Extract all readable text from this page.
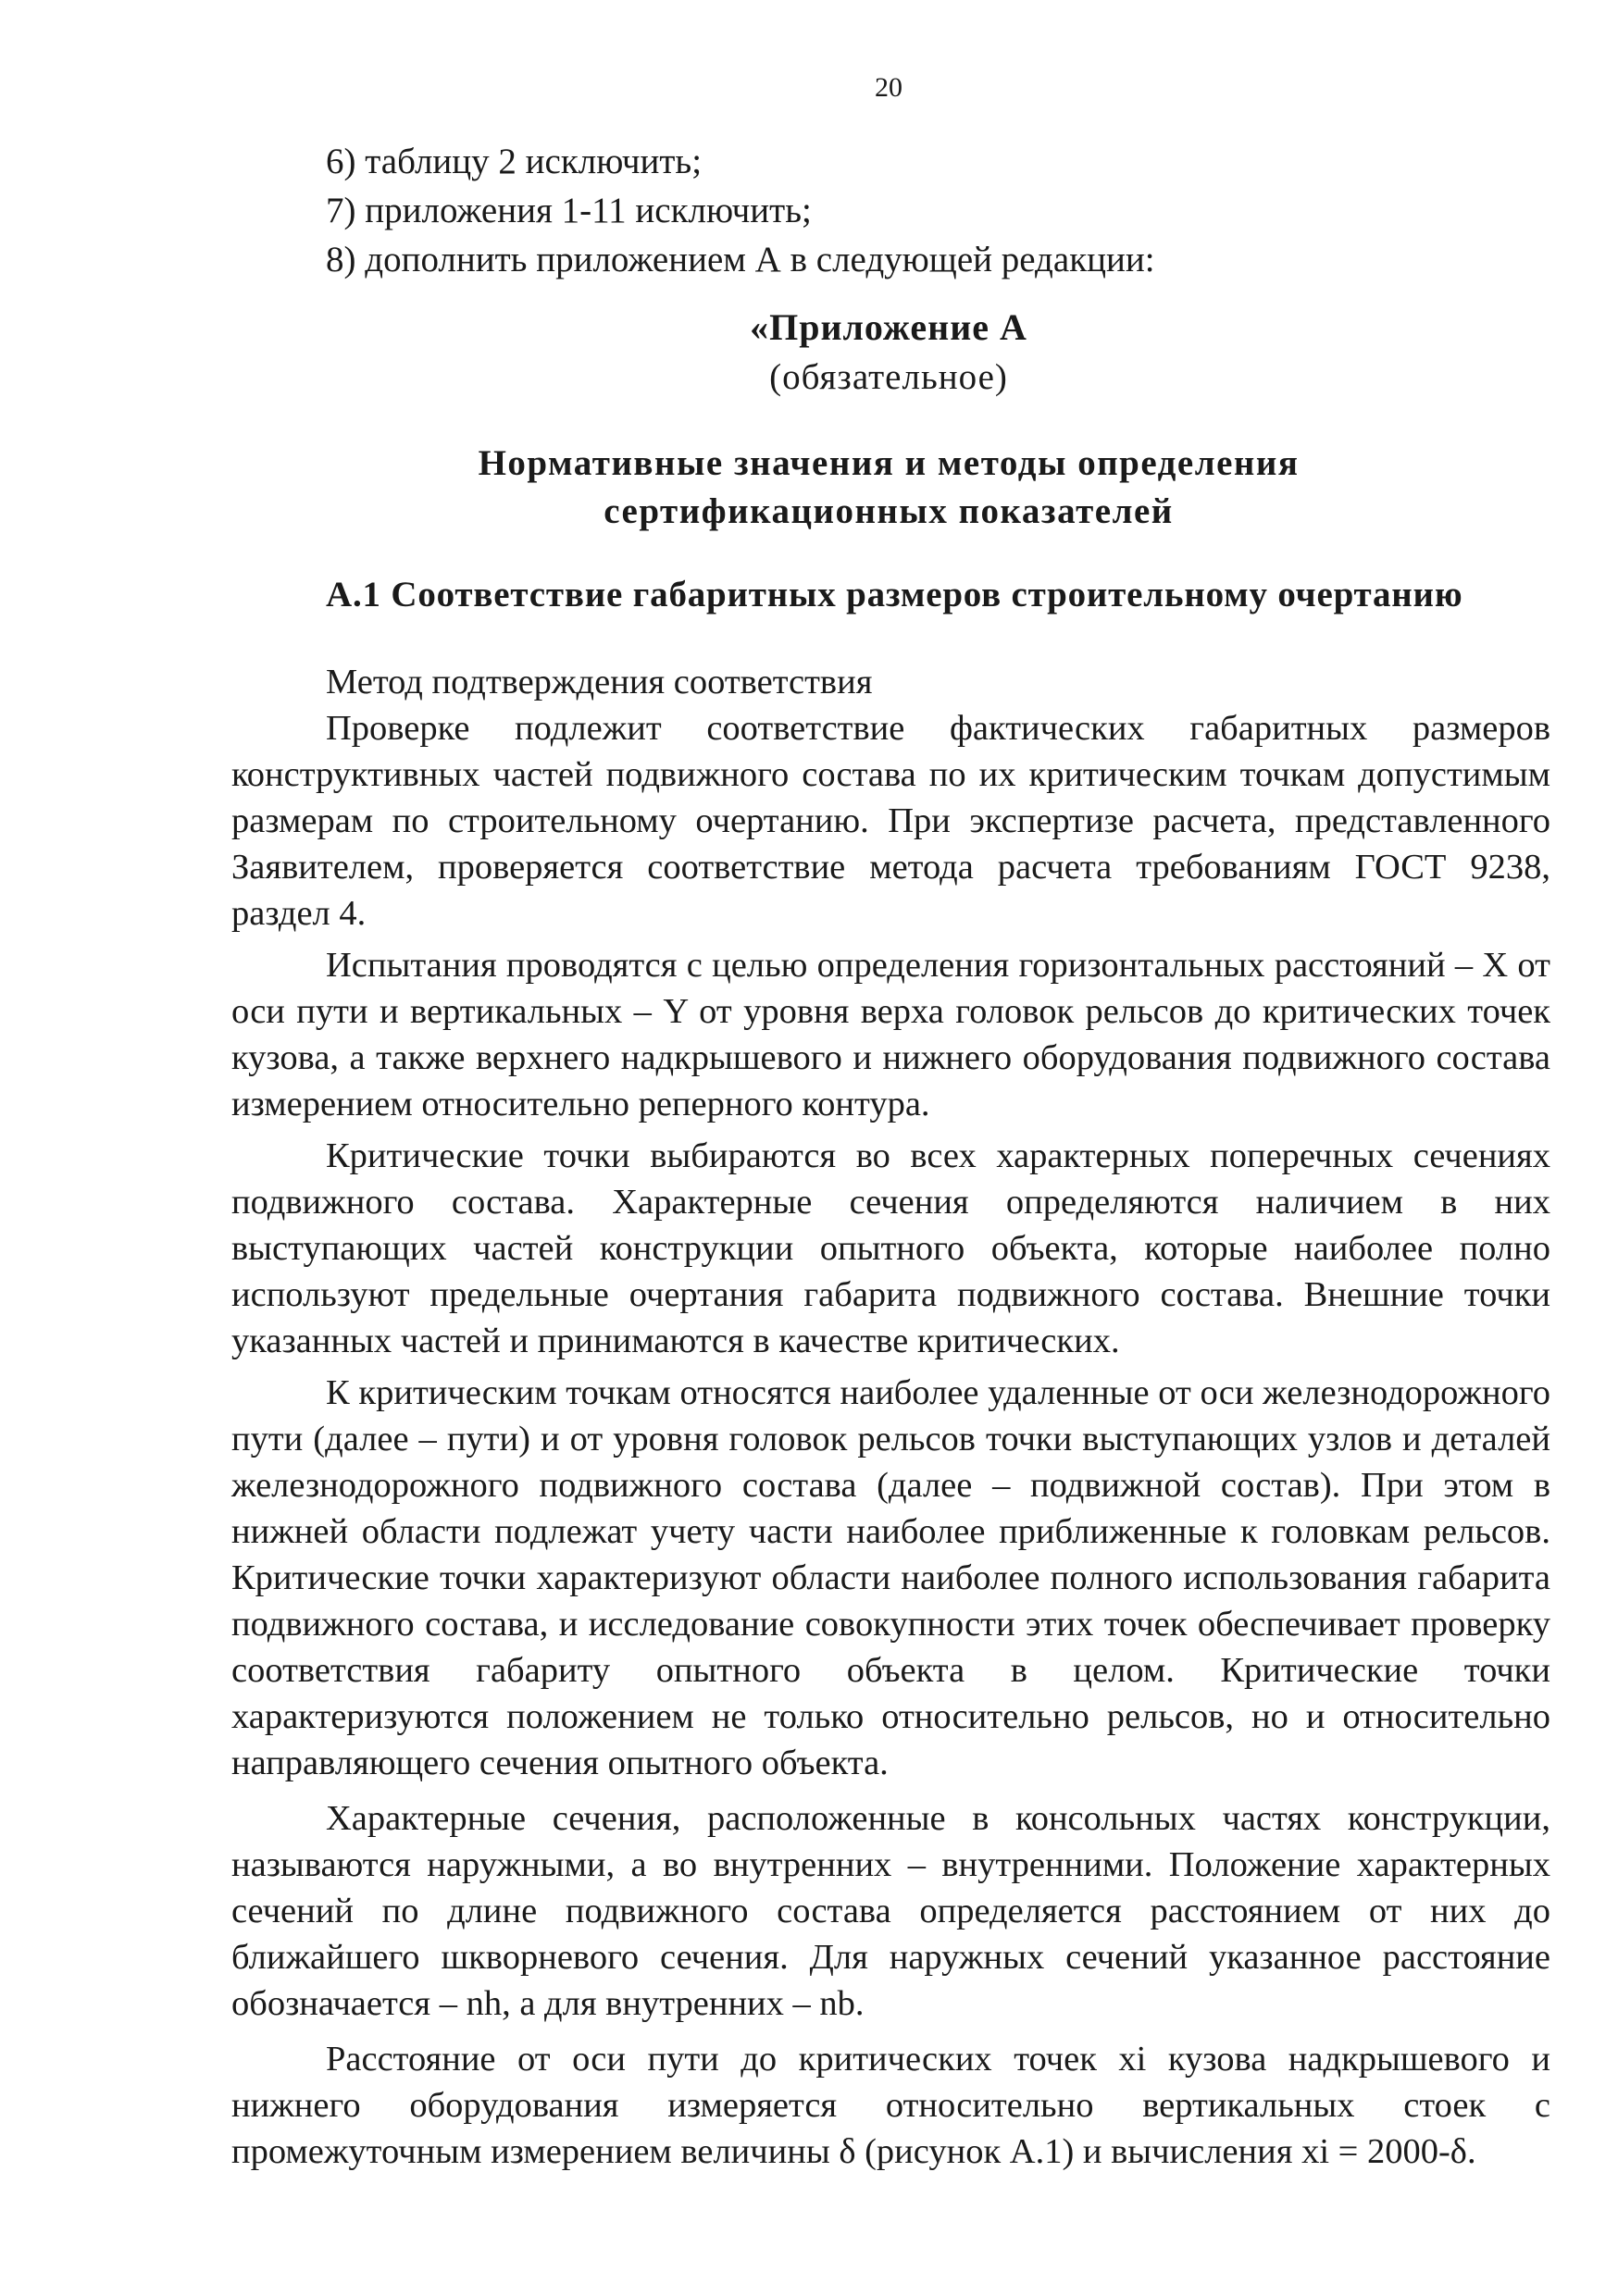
20
6) таблицу 2 исключить;
7) приложения 1-11 исключить;
8) дополнить приложением А в следующей редакции:
«Приложение А
(обязательное)
Нормативные значения и методы определения
сертификационных показателей
А.1 Соответствие габаритных размеров строительному очертанию

Метод подтверждения соответствия

Проверке подлежит соответствие фактических габаритных размеров конструктивных частей подвижного состава по их критическим точкам допустимым размерам по строительному очертанию. При экспертизе расчета, представленного Заявителем, проверяется соответствие метода расчета требованиям ГОСТ 9238, раздел 4.

Испытания проводятся с целью определения горизонтальных расстояний – X от оси пути и вертикальных – Y от уровня верха головок рельсов до критических точек кузова, а также верхнего надкрышевого и нижнего оборудования подвижного состава измерением относительно реперного контура.

Критические точки выбираются во всех характерных поперечных сечениях подвижного состава. Характерные сечения определяются наличием в них выступающих частей конструкции опытного объекта, которые наиболее полно используют предельные очертания габарита подвижного состава. Внешние точки указанных частей и принимаются в качестве критических.

К критическим точкам относятся наиболее удаленные от оси железнодорожного пути (далее – пути) и от уровня головок рельсов точки выступающих узлов и деталей железнодорожного подвижного состава (далее – подвижной состав). При этом в нижней области подлежат учету части наиболее приближенные к головкам рельсов. Критические точки характеризуют области наиболее полного использования габарита подвижного состава, и исследование совокупности этих точек обеспечивает проверку соответствия габариту опытного объекта в целом. Критические точки характеризуются положением не только относительно рельсов, но и относительно направляющего сечения опытного объекта.

Характерные сечения, расположенные в консольных частях конструкции, называются наружными, а во внутренних – внутренними. Положение характерных сечений по длине подвижного состава определяется расстоянием от них до ближайшего шкворневого сечения. Для наружных сечений указанное расстояние обозначается – nh, а для внутренних – nb.

Расстояние от оси пути до критических точек xi кузова надкрышевого и нижнего оборудования измеряется относительно вертикальных стоек с промежуточным измерением величины δ (рисунок А.1) и вычисления xi = 2000-δ.
